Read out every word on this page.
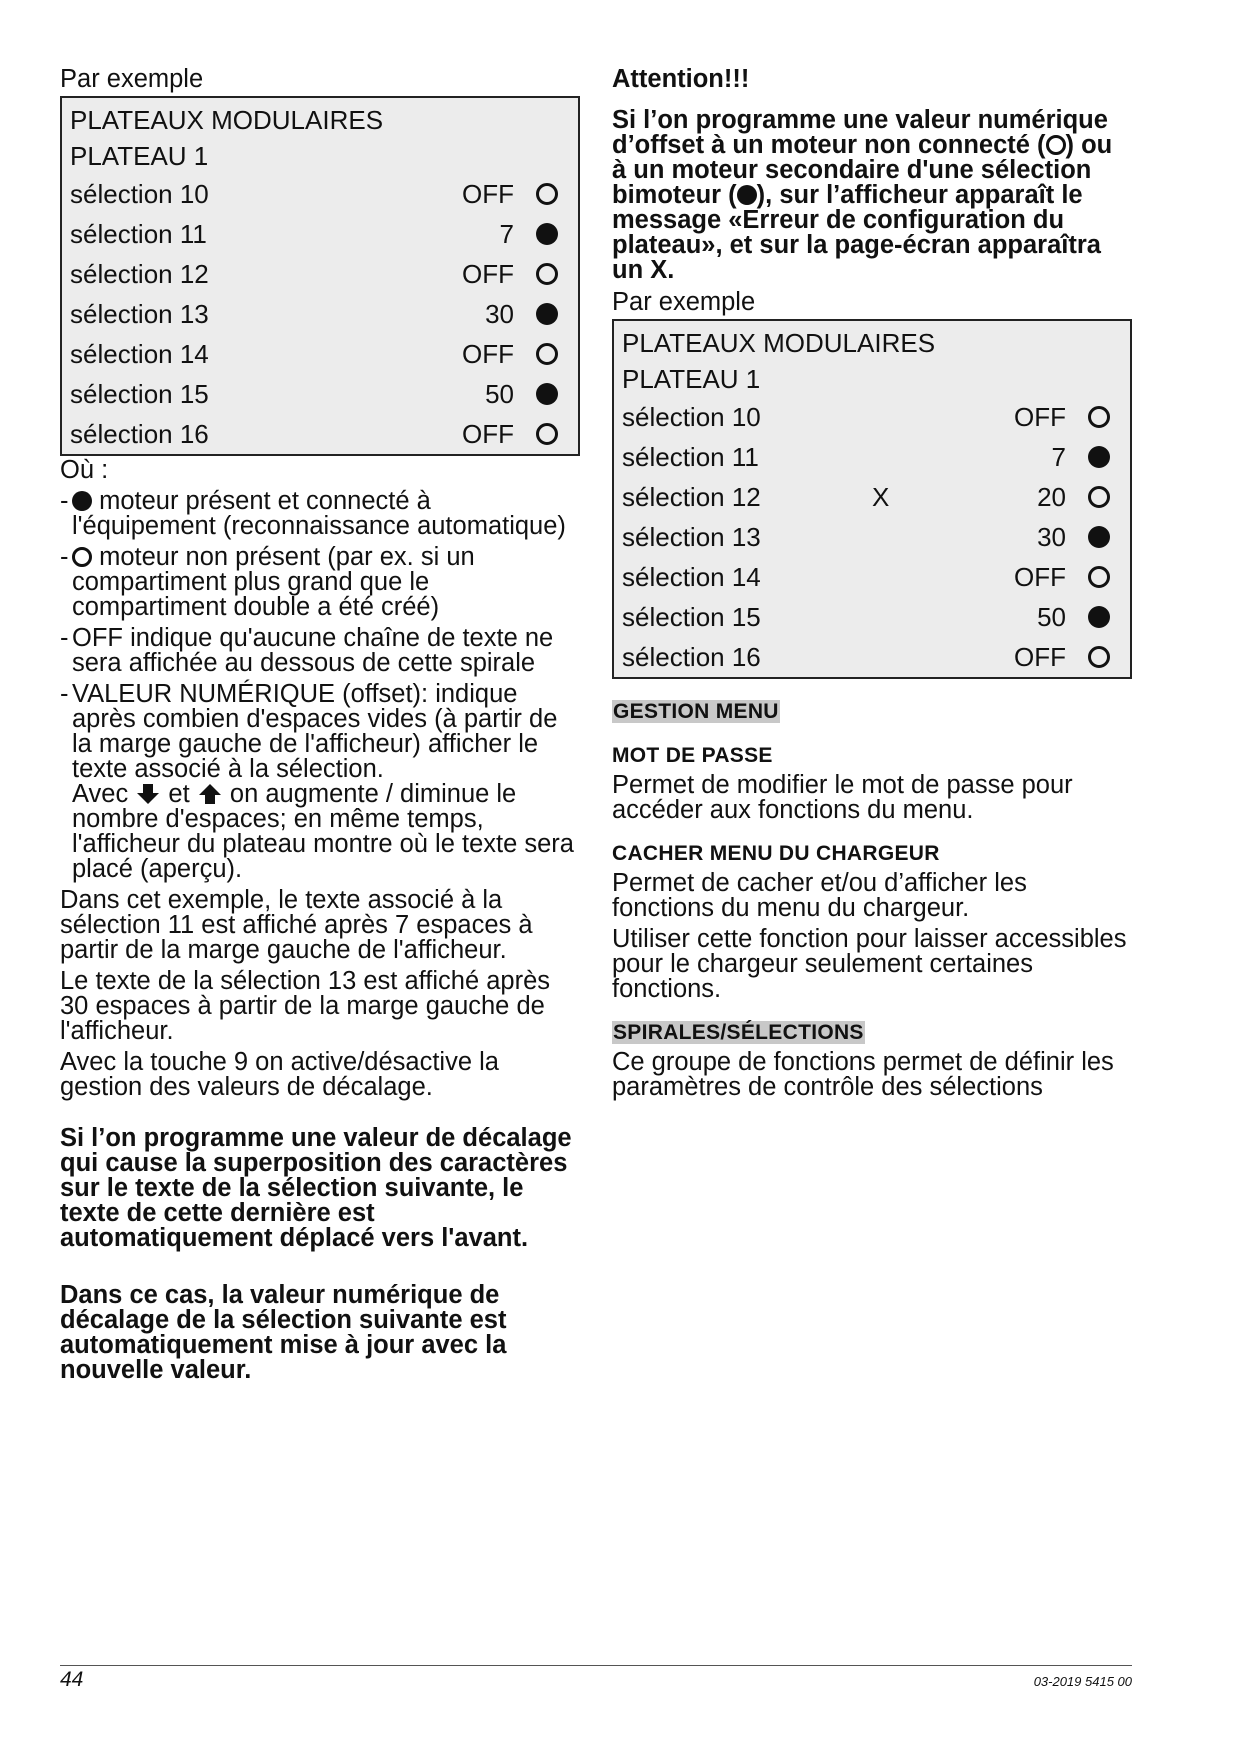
Par exemple

PLATEAUX MODULAIRES
PLATEAU 1
sélection 10	OFF
sélection 11	7
sélection 12	OFF
sélection 13	30
sélection 14	OFF
sélection 15	50
sélection 16	OFF

Où :

- moteur présent et connecté à l'équipement (reconnaissance automatique)
- moteur non présent (par ex. si un compartiment plus grand que le compartiment double a été créé)
- OFF indique qu'aucune chaîne de texte ne sera affichée au dessous de cette spirale
- VALEUR NUMÉRIQUE (offset): indique après combien d'espaces vides (à partir de la marge gauche de l'afficheur) afficher le texte associé à la sélection.
Avec et on augmente / diminue le nombre d'espaces; en même temps, l'afficheur du plateau montre où le texte sera placé (aperçu).

Dans cet exemple, le texte associé à la sélection 11 est affiché après 7 espaces à partir de la marge gauche de l'afficheur.

Le texte de la sélection 13 est affiché après 30 espaces à partir de la marge gauche de l'afficheur.

Avec la touche 9 on active/désactive la gestion des valeurs de décalage.

Si l’on programme une valeur de décalage qui cause la superposition des caractères sur le texte de la sélection suivante, le texte de cette dernière est automatiquement déplacé vers l'avant.

Dans ce cas, la valeur numérique de décalage de la sélection suivante est automatiquement mise à jour avec la nouvelle valeur.

Attention!!!

Si l’on programme une valeur numérique d’offset à un moteur non connecté ( ) ou à un moteur secondaire d'une sélection bimoteur ( ), sur l’afficheur apparaît le message «Erreur de configuration du plateau», et sur la page-écran apparaîtra un X.

Par exemple

PLATEAUX MODULAIRES
PLATEAU 1
sélection 10	OFF
sélection 11	7
sélection 12	X	20
sélection 13	30
sélection 14	OFF
sélection 15	50
sélection 16	OFF

GESTION MENU

MOT DE PASSE

Permet de modifier le mot de passe pour accéder aux fonctions du menu.

CACHER MENU DU CHARGEUR

Permet de cacher et/ou d’afficher les fonctions du menu du chargeur.

Utiliser cette fonction pour laisser accessibles pour le chargeur seulement certaines fonctions.

SPIRALES/SÉLECTIONS

Ce groupe de fonctions permet de définir les paramètres de contrôle des sélections

44	03-2019 5415 00
